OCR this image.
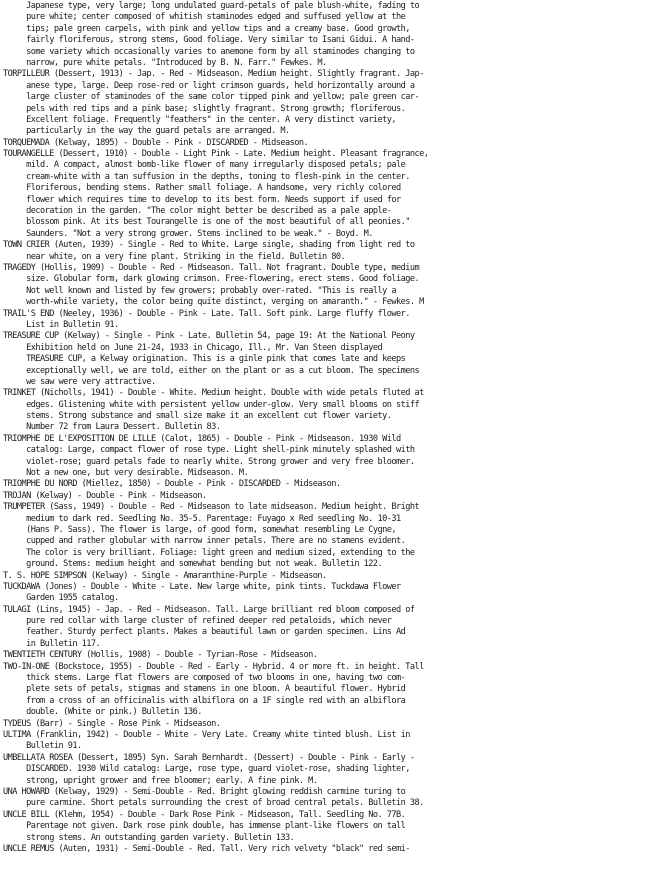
Japanese type, very large; long undulated guard-petals of pale blush-white, fading to
pure white; center composed of whitish staminodes edged and suffused yellow at the
tips; pale green carpels, with pink and yellow tips and a creamy base. Good growth,
fairly floriferous, strong stems, Good foliage. Very similar to Isani Gidui. A hand-
some variety which occasionally varies to anemone form by all staminodes changing to
narrow, pure white petals. "Introduced by B. N. Farr." Fewkes. M.
TORPILLEUR (Dessert, 1913) - Jap. - Red - Midseason. Medium height. Slightly fragrant. Jap-
anese type, large. Deep rose-red or light crimson guards, held horizontally around a
large cluster of staminodes of the same color tipped pink and yellow; pale green car-
pels with red tips and a pink base; slightly fragrant. Strong growth; floriferous.
Excellent foliage. Frequently "feathers" in the center. A very distinct variety,
particularly in the way the guard petals are arranged. M.
TORQUEMADA (Kelway, 1895) - Double - Pink - DISCARDED - Midseason.
TOURANGELLE (Dessert, 1910) - Double - Light Pink - Late. Medium height. Pleasant fragrance,
mild. A compact, almost bomb-like flower of many irregularly disposed petals; pale
cream-white with a tan suffusion in the depths, toning to flesh-pink in the center.
Floriferous, bending stems. Rather small foliage. A handsome, very richly colored
flower which requires time to develop to its best form. Needs support if used for
decoration in the garden. "The color might better be described as a pale apple-
blossom pink. At its best Tourangelle is one of the most beautiful of all peonies."
Saunders. "Not a very strong grower. Stems inclined to be weak." - Boyd. M.
TOWN CRIER (Auten, 1939) - Single - Red to White. Large single, shading from light red to
near white, on a very fine plant. Striking in the field. Bulletin 80.
TRAGEDY (Hollis, 1909) - Double - Red - Midseason. Tall. Not fragrant. Double type, medium
size. Globular form, dark glowing crimson. Free-flowering, erect stems. Good foliage.
Not well known and listed by few growers; probably over-rated. "This is really a
worth-while variety, the color being quite distinct, verging on amaranth." - Fewkes. M
TRAIL'S END (Neeley, 1936) - Double - Pink - Late. Tall. Soft pink. Large fluffy flower.
List in Bulletin 91.
TREASURE CUP (Kelway) - Single - Pink - Late. Bulletin 54, page 19: At the National Peony
Exhibition held on June 21-24, 1933 in Chicago, Ill., Mr. Van Steen displayed
TREASURE CUP, a Kelway origination. This is a ginle pink that comes late and keeps
exceptionally well, we are told, either on the plant or as a cut bloom. The specimens
we saw were very attractive.
TRINKET (Nicholls, 1941) - Double - White. Medium height. Double with wide petals fluted at
edges. Glistening white with persistent yellow under-glow. Very small blooms on stiff
stems. Strong substance and small size make it an excellent cut flower variety.
Number 72 from Laura Dessert. Bulletin 83.
TRIOMPHE DE L'EXPOSITION DE LILLE (Calot, 1865) - Double - Pink - Midseason. 1930 Wild
catalog: Large, compact flower of rose type. Light shell-pink minutely splashed with
violet-rose; guard petals fade to nearly white. Strong grower and very free bloomer.
Not a new one, but very desirable. Midseason. M.
TRIOMPHE DU NORD (Miellez, 1850) - Double - Pink - DISCARDED - Midseason.
TROJAN (Kelway) - Double - Pink - Midseason.
TRUMPETER (Sass, 1949) - Double - Red - Midseason to late midseason. Medium height. Bright
medium to dark red. Seedling No. 35-5. Parentage: Fuyago x Red seedling No. 10-31
(Hans P. Sass). The flower is large, of good form, somewhat resembling Le Cygne,
cupped and rather globular with narrow inner petals. There are no stamens evident.
The color is very brilliant. Foliage: light green and medium sized, extending to the
ground. Stems: medium height and somewhat bending but not weak. Bulletin 122.
T. S. HOPE SIMPSON (Kelway) - Single - Amaranthine-Purple - Midseason.
TUCKDAWA (Jones) - Double - White - Late. New large white, pink tints. Tuckdawa Flower
Garden 1955 catalog.
TULAGI (Lins, 1945) - Jap. - Red - Midseason. Tall. Large brilliant red bloom composed of
pure red collar with large cluster of refined deeper red petaloids, which never
feather. Sturdy perfect plants. Makes a beautiful lawn or garden specimen. Lins Ad
in Bulletin 117.
TWENTIETH CENTURY (Hollis, 1908) - Double - Tyrian-Rose - Midseason.
TWO-IN-ONE (Bockstoce, 1955) - Double - Red - Early - Hybrid. 4 or more ft. in height. Tall
thick stems. Large flat flowers are composed of two blooms in one, having two com-
plete sets of petals, stigmas and stamens in one bloom. A beautiful flower. Hybrid
from a cross of an officinalis with albiflora on a 1F single red with an albiflora
double. (White or pink.) Bulletin 136.
TYDEUS (Barr) - Single - Rose Pink - Midseason.
ULTIMA (Franklin, 1942) - Double - White - Very Late. Creamy white tinted blush. List in
Bulletin 91.
UMBELLATA ROSEA (Dessert, 1895) Syn. Sarah Bernhardt. (Dessert) - Double - Pink - Early -
DISCARDED. 1930 Wild catalog: Large, rose type, guard violet-rose, shading lighter,
strong, upright grower and free bloomer; early. A fine pink. M.
UNA HOWARD (Kelway, 1929) - Semi-Double - Red. Bright glowing reddish carmine turing to
pure carmine. Short petals surrounding the crest of broad central petals. Bulletin 38.
UNCLE BILL (Klehm, 1954) - Double - Dark Rose Pink - Midseason, Tall. Seedling No. 77B.
Parentage not given. Dark rose pink double, has immense plant-like flowers on tall
strong stems. An outstanding garden variety. Bulletin 133.
UNCLE REMUS (Auten, 1931) - Semi-Double - Red. Tall. Very rich velvety "black" red semi-
